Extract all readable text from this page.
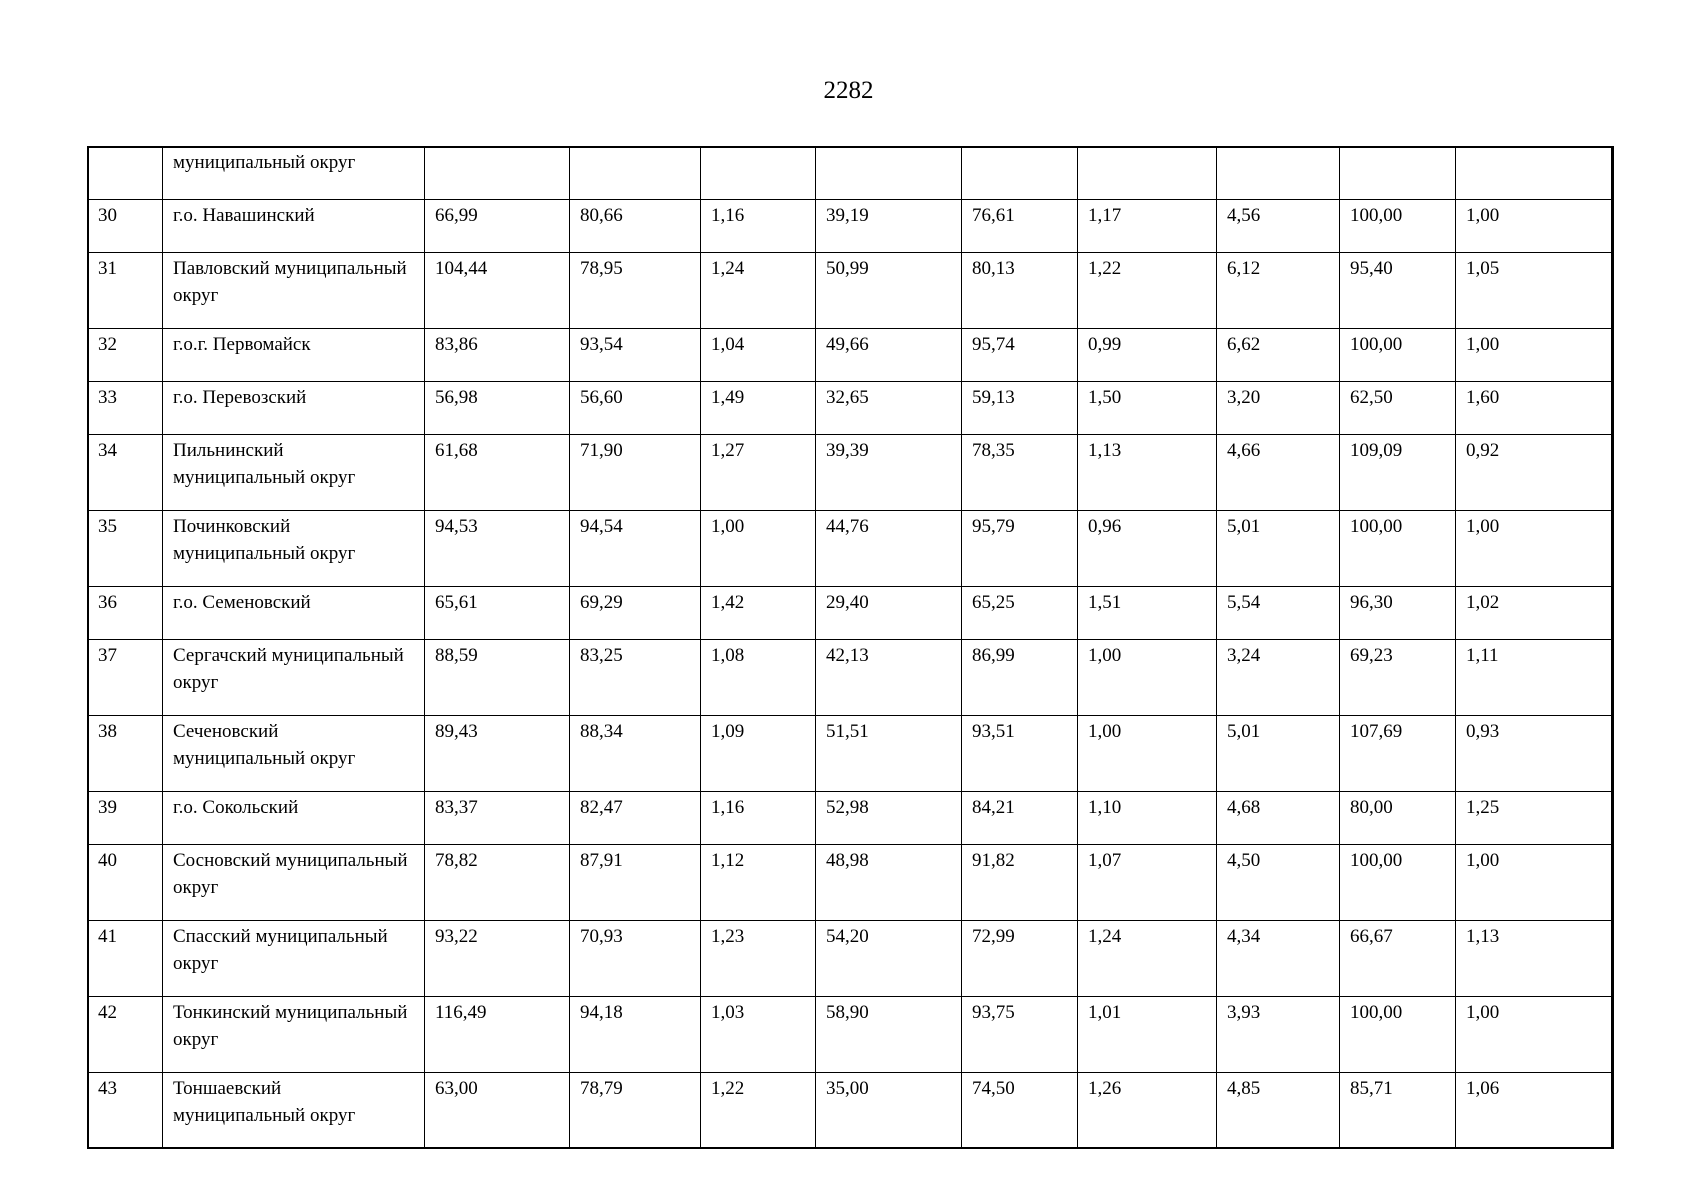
2282
	муниципальный округ									
30	г.о. Навашинский	66,99	80,66	1,16	39,19	76,61	1,17	4,56	100,00	1,00
31	Павловский муниципальный округ	104,44	78,95	1,24	50,99	80,13	1,22	6,12	95,40	1,05
32	г.о.г. Первомайск	83,86	93,54	1,04	49,66	95,74	0,99	6,62	100,00	1,00
33	г.о. Перевозский	56,98	56,60	1,49	32,65	59,13	1,50	3,20	62,50	1,60
34	Пильнинский муниципальный округ	61,68	71,90	1,27	39,39	78,35	1,13	4,66	109,09	0,92
35	Починковский муниципальный округ	94,53	94,54	1,00	44,76	95,79	0,96	5,01	100,00	1,00
36	г.о. Семеновский	65,61	69,29	1,42	29,40	65,25	1,51	5,54	96,30	1,02
37	Сергачский муниципальный округ	88,59	83,25	1,08	42,13	86,99	1,00	3,24	69,23	1,11
38	Сеченовский муниципальный округ	89,43	88,34	1,09	51,51	93,51	1,00	5,01	107,69	0,93
39	г.о. Сокольский	83,37	82,47	1,16	52,98	84,21	1,10	4,68	80,00	1,25
40	Сосновский муниципальный округ	78,82	87,91	1,12	48,98	91,82	1,07	4,50	100,00	1,00
41	Спасский муниципальный округ	93,22	70,93	1,23	54,20	72,99	1,24	4,34	66,67	1,13
42	Тонкинский муниципальный округ	116,49	94,18	1,03	58,90	93,75	1,01	3,93	100,00	1,00
43	Тоншаевский муниципальный округ	63,00	78,79	1,22	35,00	74,50	1,26	4,85	85,71	1,06
